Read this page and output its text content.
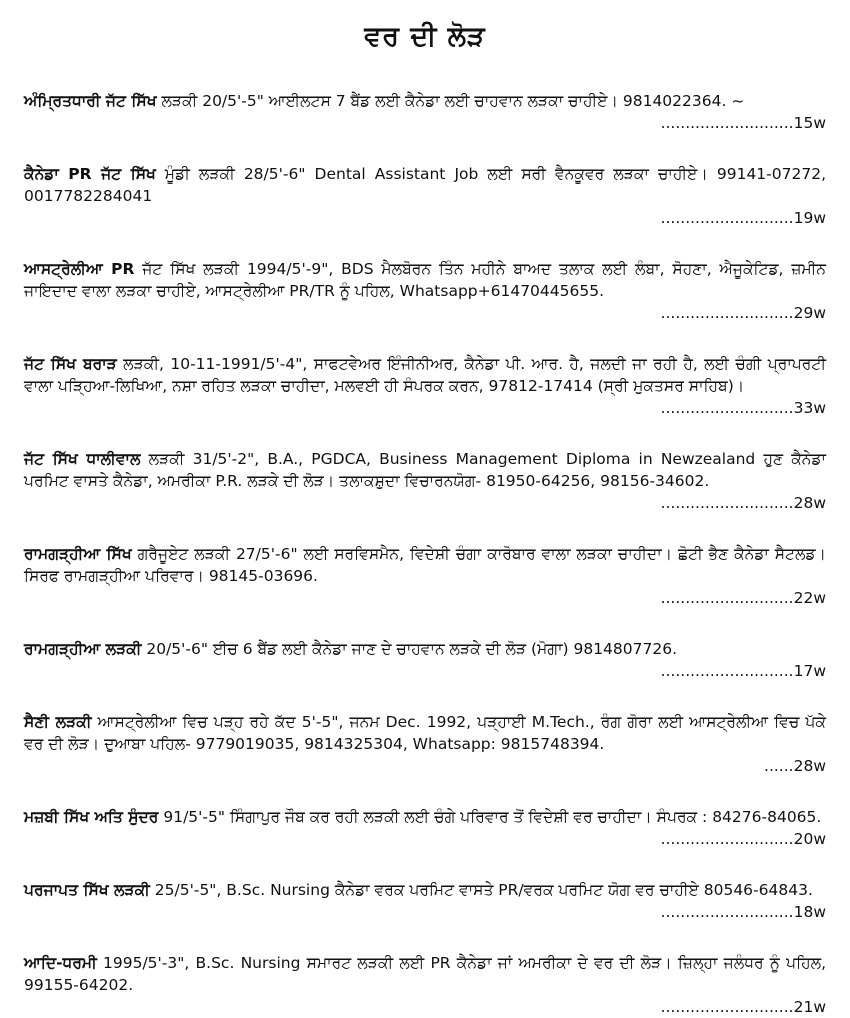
ਵਰ ਦੀ ਲੋੜ
ਅੰਮ੍ਰਿਤਧਾਰੀ ਜੱਟ ਸਿੱਖ ਲੜਕੀ 20/5'-5" ਆਈਲਟਸ 7 ਬੈਂਡ ਲਈ ਕੈਨੇਡਾ ਲਈ ਚਾਹਵਾਨ ਲੜਕਾ ਚਾਹੀਏ। 9814022364. ~
...........................15w
ਕੈਨੇਡਾ PR ਜੱਟ ਸਿੱਖ ਮੂੰਡੀ ਲੜਕੀ 28/5'-6" Dental Assistant Job ਲਈ ਸਰੀ ਵੈਨਕੂਵਰ ਲੜਕਾ ਚਾਹੀਏ। 99141-07272, 0017782284041
...........................19w
ਆਸਟ੍ਰੇਲੀਆ PR ਜੱਟ ਸਿੱਖ ਲੜਕੀ 1994/5'-9", BDS ਮੈਲਬੋਰਨ ਤਿੰਨ ਮਹੀਨੇ ਬਾਅਦ ਤਲਾਕ ਲਈ ਲੰਬਾ, ਸੋਹਣਾ, ਐਜੂਕੇਟਿਡ, ਜ਼ਮੀਨ ਜਾਇਦਾਦ ਵਾਲਾ ਲੜਕਾ ਚਾਹੀਏ, ਆਸਟ੍ਰੇਲੀਆ PR/TR ਨੂੰ ਪਹਿਲ, Whatsapp+61470445655.
...........................29w
ਜੱਟ ਸਿੱਖ ਬਰਾੜ ਲੜਕੀ, 10-11-1991/5'-4", ਸਾਫਟਵੇਅਰ ਇੰਜੀਨੀਅਰ, ਕੈਨੇਡਾ ਪੀ. ਆਰ. ਹੈ, ਜਲਦੀ ਜਾ ਰਹੀ ਹੈ, ਲਈ ਚੰਗੀ ਪ੍ਰਾਪਰਟੀ ਵਾਲਾ ਪੜ੍ਹਿਆ-ਲਿਖਿਆ, ਨਸ਼ਾ ਰਹਿਤ ਲੜਕਾ ਚਾਹੀਦਾ, ਮਲਵਈ ਹੀ ਸੰਪਰਕ ਕਰਨ, 97812-17414 (ਸ੍ਰੀ ਮੁਕਤਸਰ ਸਾਹਿਬ)।
...........................33w
ਜੱਟ ਸਿੱਖ ਧਾਲੀਵਾਲ ਲੜਕੀ 31/5'-2", B.A., PGDCA, Business Management Diploma in Newzealand ਹੁਣ ਕੈਨੇਡਾ ਪਰਮਿਟ ਵਾਸਤੇ ਕੈਨੇਡਾ, ਅਮਰੀਕਾ P.R. ਲੜਕੇ ਦੀ ਲੋੜ। ਤਲਾਕਸ਼ੁਦਾ ਵਿਚਾਰਨਯੋਗ- 81950-64256, 98156-34602.
...........................28w
ਰਾਮਗੜ੍ਹੀਆ ਸਿੱਖ ਗਰੈਜੂਏਟ ਲੜਕੀ 27/5'-6" ਲਈ ਸਰਵਿਸਮੈਨ, ਵਿਦੇਸ਼ੀ ਚੰਗਾ ਕਾਰੋਬਾਰ ਵਾਲਾ ਲੜਕਾ ਚਾਹੀਦਾ। ਛੋਟੀ ਭੈਣ ਕੈਨੇਡਾ ਸੈਟਲਡ। ਸਿਰਫ ਰਾਮਗੜ੍ਹੀਆ ਪਰਿਵਾਰ। 98145-03696.
...........................22w
ਰਾਮਗੜ੍ਹੀਆ ਲੜਕੀ 20/5'-6" ਈਚ 6 ਬੈਂਡ ਲਈ ਕੈਨੇਡਾ ਜਾਣ ਦੇ ਚਾਹਵਾਨ ਲੜਕੇ ਦੀ ਲੋੜ (ਮੋਗਾ) 9814807726.
...........................17w
ਸੈਣੀ ਲੜਕੀ ਆਸਟ੍ਰੇਲੀਆ ਵਿਚ ਪੜ੍ਹ ਰਹੇ ਕੱਦ 5'-5", ਜਨਮ Dec. 1992, ਪੜ੍ਹਾਈ M.Tech., ਰੰਗ ਗੋਰਾ ਲਈ ਆਸਟ੍ਰੇਲੀਆ ਵਿਚ ਪੱਕੇ ਵਰ ਦੀ ਲੋੜ। ਦੁਆਬਾ ਪਹਿਲ- 9779019035, 9814325304, Whatsapp: 9815748394.
......28w
ਮਜ਼ਬੀ ਸਿੱਖ ਅਤਿ ਸੁੰਦਰ 91/5'-5" ਸਿੰਗਾਪੁਰ ਜੌਬ ਕਰ ਰਹੀ ਲੜਕੀ ਲਈ ਚੰਗੇ ਪਰਿਵਾਰ ਤੋਂ ਵਿਦੇਸ਼ੀ ਵਰ ਚਾਹੀਦਾ। ਸੰਪਰਕ : 84276-84065.
...........................20w
ਪਰਜਾਪਤ ਸਿੱਖ ਲੜਕੀ 25/5'-5", B.Sc. Nursing ਕੈਨੇਡਾ ਵਰਕ ਪਰਮਿਟ ਵਾਸਤੇ PR/ਵਰਕ ਪਰਮਿਟ ਯੋਗ ਵਰ ਚਾਹੀਏ 80546-64843.
...........................18w
ਆਦਿ-ਧਰਮੀ 1995/5'-3", B.Sc. Nursing ਸਮਾਰਟ ਲੜਕੀ ਲਈ PR ਕੈਨੇਡਾ ਜਾਂ ਅਮਰੀਕਾ ਦੇ ਵਰ ਦੀ ਲੋੜ। ਜ਼ਿਲ੍ਹਾ ਜਲੰਧਰ ਨੂੰ ਪਹਿਲ, 99155-64202.
...........................21w
